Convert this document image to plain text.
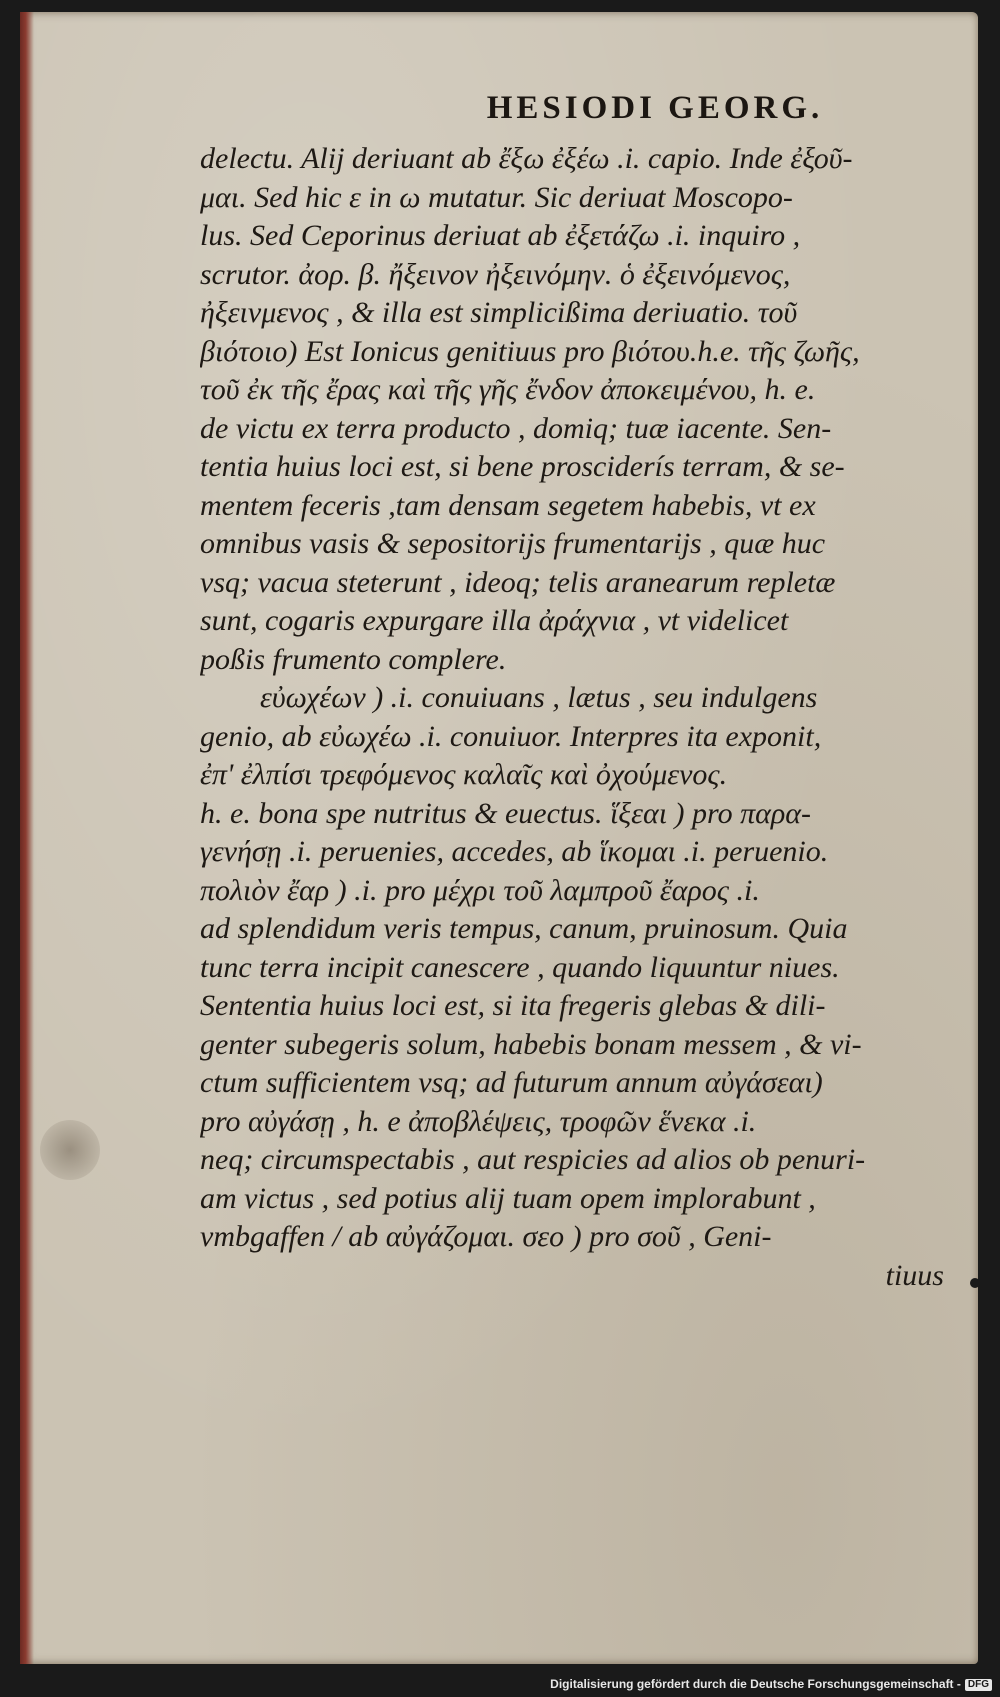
HESIODI GEORG.
delectu. Alij deriuant ab ἔξω ἐξέω .i. capio. Inde ἐξοῦ-
μαι. Sed hic ε in ω mutatur. Sic deriuat Moscopo-
lus. Sed Ceporinus deriuat ab ἐξετάζω .i. inquiro ,
scrutor. ἀορ. β. ἤξεινον ἠξεινόμην. ὁ ἐξεινόμενος,
ἠξεινμενος , & illa est simplicißima deriuatio. τοῦ
βιότοιο) Est Ionicus genitiuus pro βιότου.h.e. τῆς ζωῆς,
τοῦ ἐκ τῆς ἔρας καὶ τῆς γῆς ἔνδον ἀποκειμένου, h. e.
de victu ex terra producto , domiq; tuæ iacente. Sen-
tentia huius loci est, si bene prosciderís terram, & se-
mentem feceris ,tam densam segetem habebis, vt ex
omnibus vasis & sepositorijs frumentarijs , quæ huc
vsq; vacua steterunt , ideoq; telis aranearum repletæ
sunt, cogaris expurgare illa ἀράχνια , vt videlicet
poßis frumento complere.
εὐωχέων ) .i. conuiuans , lætus , seu indulgens
genio, ab εὐωχέω .i. conuiuor. Interpres ita exponit,
ἐπ' ἐλπίσι τρεφόμενος καλαῖς καὶ ὀχούμενος.
h. e. bona spe nutritus & euectus. ἵξεαι ) pro παρα-
γενήσῃ .i. peruenies, accedes, ab ἵκομαι .i. peruenio.
πολιὸν ἔαρ ) .i. pro μέχρι τοῦ λαμπροῦ ἔαρος .i.
ad splendidum veris tempus, canum, pruinosum. Quia
tunc terra incipit canescere , quando liquuntur niues.
Sententia huius loci est, si ita fregeris glebas & dili-
genter subegeris solum, habebis bonam messem , & vi-
ctum sufficientem vsq; ad futurum annum αὐγάσεαι)
pro αὐγάσῃ , h. e ἀποβλέψεις, τροφῶν ἕνεκα .i.
neq; circumspectabis , aut respicies ad alios ob penuri-
am victus , sed potius alij tuam opem implorabunt ,
vmbgaffen / ab αὐγάζομαι. σεο ) pro σοῦ , Geni-
tiuus
Digitalisierung gefördert durch die Deutsche Forschungsgemeinschaft - DFG
